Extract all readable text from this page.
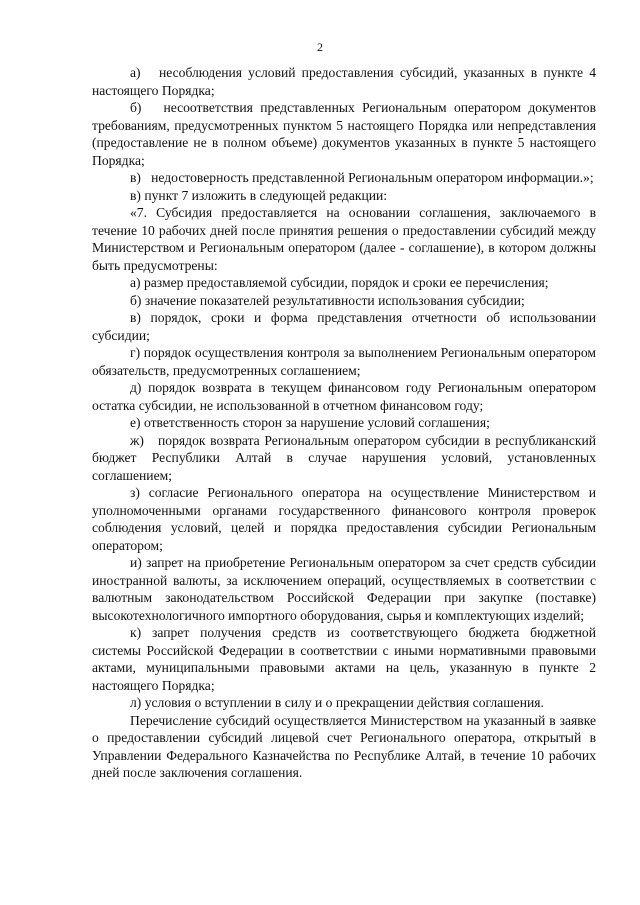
2

а)   несоблюдения условий предоставления субсидий, указанных в пункте 4 настоящего Порядка;

б)   несоответствия представленных Региональным оператором документов требованиям, предусмотренных пунктом 5 настоящего Порядка или непредставления (предоставление не в полном объеме) документов указанных в пункте 5 настоящего Порядка;

в)   недостоверность представленной Региональным оператором информации.»;

в) пункт 7 изложить в следующей редакции:

«7. Субсидия предоставляется на основании соглашения, заключаемого в течение 10 рабочих дней после принятия решения о предоставлении субсидий между Министерством и Региональным оператором (далее - соглашение), в котором должны быть предусмотрены:

а) размер предоставляемой субсидии, порядок и сроки ее перечисления;

б) значение показателей результативности использования субсидии;

в) порядок, сроки и форма представления отчетности об использовании субсидии;

г) порядок осуществления контроля за выполнением Региональным оператором обязательств, предусмотренных соглашением;

д) порядок возврата в текущем финансовом году Региональным оператором остатка субсидии, не использованной в отчетном финансовом году;

е) ответственность сторон за нарушение условий соглашения;

ж)   порядок возврата Региональным оператором субсидии в республиканский бюджет Республики Алтай в случае нарушения условий, установленных соглашением;

з) согласие Регионального оператора на осуществление Министерством и уполномоченными органами государственного финансового контроля проверок соблюдения условий, целей и порядка предоставления субсидии Региональным оператором;

и) запрет на приобретение Региональным оператором за счет средств субсидии иностранной валюты, за исключением операций, осуществляемых в соответствии с валютным законодательством Российской Федерации при закупке (поставке) высокотехнологичного импортного оборудования, сырья и комплектующих изделий;

к) запрет получения средств из соответствующего бюджета бюджетной системы Российской Федерации в соответствии с иными нормативными правовыми актами, муниципальными правовыми актами на цель, указанную в пункте 2 настоящего Порядка;

л) условия о вступлении в силу и о прекращении действия соглашения.

Перечисление субсидий осуществляется Министерством на указанный в заявке о предоставлении субсидий лицевой счет Регионального оператора, открытый в Управлении Федерального Казначейства по Республике Алтай, в течение 10 рабочих дней после заключения соглашения.
